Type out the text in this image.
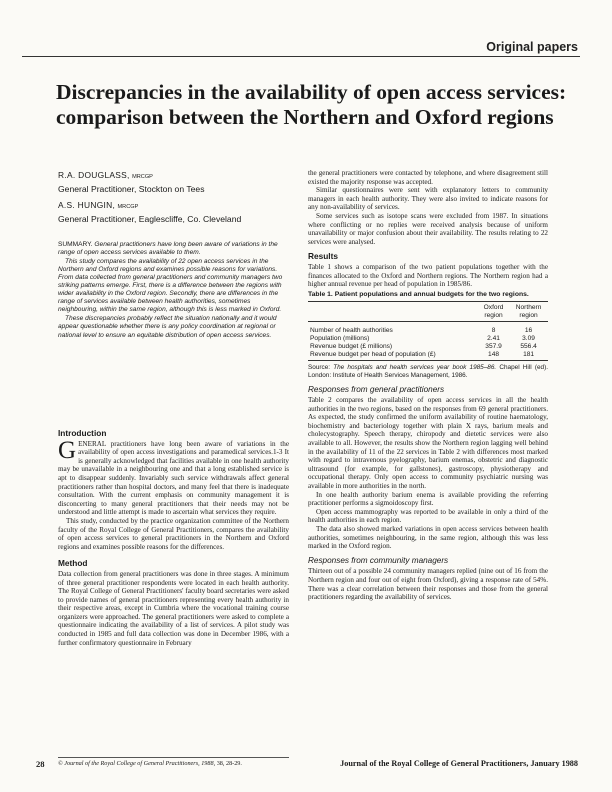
Original papers
Discrepancies in the availability of open access services: comparison between the Northern and Oxford regions
R.A. DOUGLASS, MRCGP
General Practitioner, Stockton on Tees
A.S. HUNGIN, MRCGP
General Practitioner, Eaglescliffe, Co. Cleveland

SUMMARY. General practitioners have long been aware of variations in the range of open access services available to them.

This study compares the availability of 22 open access services in the Northern and Oxford regions and examines possible reasons for variations. From data collected from general practitioners and community managers two striking patterns emerge. First, there is a difference between the regions with wider availability in the Oxford region. Secondly, there are differences in the range of services available between health authorities, sometimes neighbouring, within the same region, although this is less marked in Oxford.

These discrepancies probably reflect the situation nationally and it would appear questionable whether there is any policy coordination at regional or national level to ensure an equitable distribution of open access services.

Introduction

GENERAL practitioners have long been aware of variations in the availability of open access investigations and paramedical services.1-3 It is generally acknowledged that facilities available in one health authority may be unavailable in a neighbouring one and that a long established service is apt to disappear suddenly. Invariably such service withdrawals affect general practitioners rather than hospital doctors, and many feel that there is inadequate consultation. With the current emphasis on community management it is disconcerting to many general practitioners that their needs may not be understood and little attempt is made to ascertain what services they require.

This study, conducted by the practice organization committee of the Northern faculty of the Royal College of General Practitioners, compares the availability of open access services to general practitioners in the Northern and Oxford regions and examines possible reasons for the differences.

Method

Data collection from general practitioners was done in three stages. A minimum of three general practitioner respondents were located in each health authority. The Royal College of General Practitioners' faculty board secretaries were asked to provide names of general practitioners representing every health authority in their respective areas, except in Cumbria where the vocational training course organizers were approached. The general practitioners were asked to complete a questionnaire indicating the availability of a list of services. A pilot study was conducted in 1985 and full data collection was done in December 1986, with a further confirmatory questionnaire in February

© Journal of the Royal College of General Practitioners, 1988, 38, 28-29.

the general practitioners were contacted by telephone, and where disagreement still existed the majority response was accepted.

Similar questionnaires were sent with explanatory letters to community managers in each health authority. They were also invited to indicate reasons for any non-availability of services.

Some services such as isotope scans were excluded from 1987. In situations where conflicting or no replies were received analysis because of uniform unavailability or major confusion about their availability. The results relating to 22 services were analysed.

Results

Table 1 shows a comparison of the two patient populations together with the finances allocated to the Oxford and Northern regions. The Northern region had a higher annual revenue per head of population in 1985/86.

Table 1. Patient populations and annual budgets for the two regions.
	Oxford	Northern
	region	region
Number of health authorities	8	16
Population (millions)	2.41	3.09
Revenue budget (£ millions)	357.9	556.4
Revenue budget per head of population (£)	148	181
Source: The hospitals and health services year book 1985–86. Chapel Hill (ed). London: Institute of Health Services Management, 1986.
Responses from general practitioners

Table 2 compares the availability of open access services in all the health authorities in the two regions, based on the responses from 69 general practitioners. As expected, the study confirmed the uniform availability of routine haematology, biochemistry and bacteriology together with plain X rays, barium meals and cholecystography. Speech therapy, chiropody and dietetic services were also available to all. However, the results show the Northern region lagging well behind in the availability of 11 of the 22 services in Table 2 with differences most marked with regard to intravenous pyelography, barium enemas, obstetric and diagnostic ultrasound (for example, for gallstones), gastroscopy, physiotherapy and occupational therapy. Only open access to community psychiatric nursing was available in more authorities in the north.

In one health authority barium enema is available providing the referring practitioner performs a sigmoidoscopy first.

Open access mammography was reported to be available in only a third of the health authorities in each region.

The data also showed marked variations in open access services between health authorities, sometimes neighbouring, in the same region, although this was less marked in the Oxford region.

Responses from community managers

Thirteen out of a possible 24 community managers replied (nine out of 16 from the Northern region and four out of eight from Oxford), giving a response rate of 54%. There was a clear correlation between their responses and those from the general practitioners regarding the availability of services.

28	Journal of the Royal College of General Practitioners, January 1988
